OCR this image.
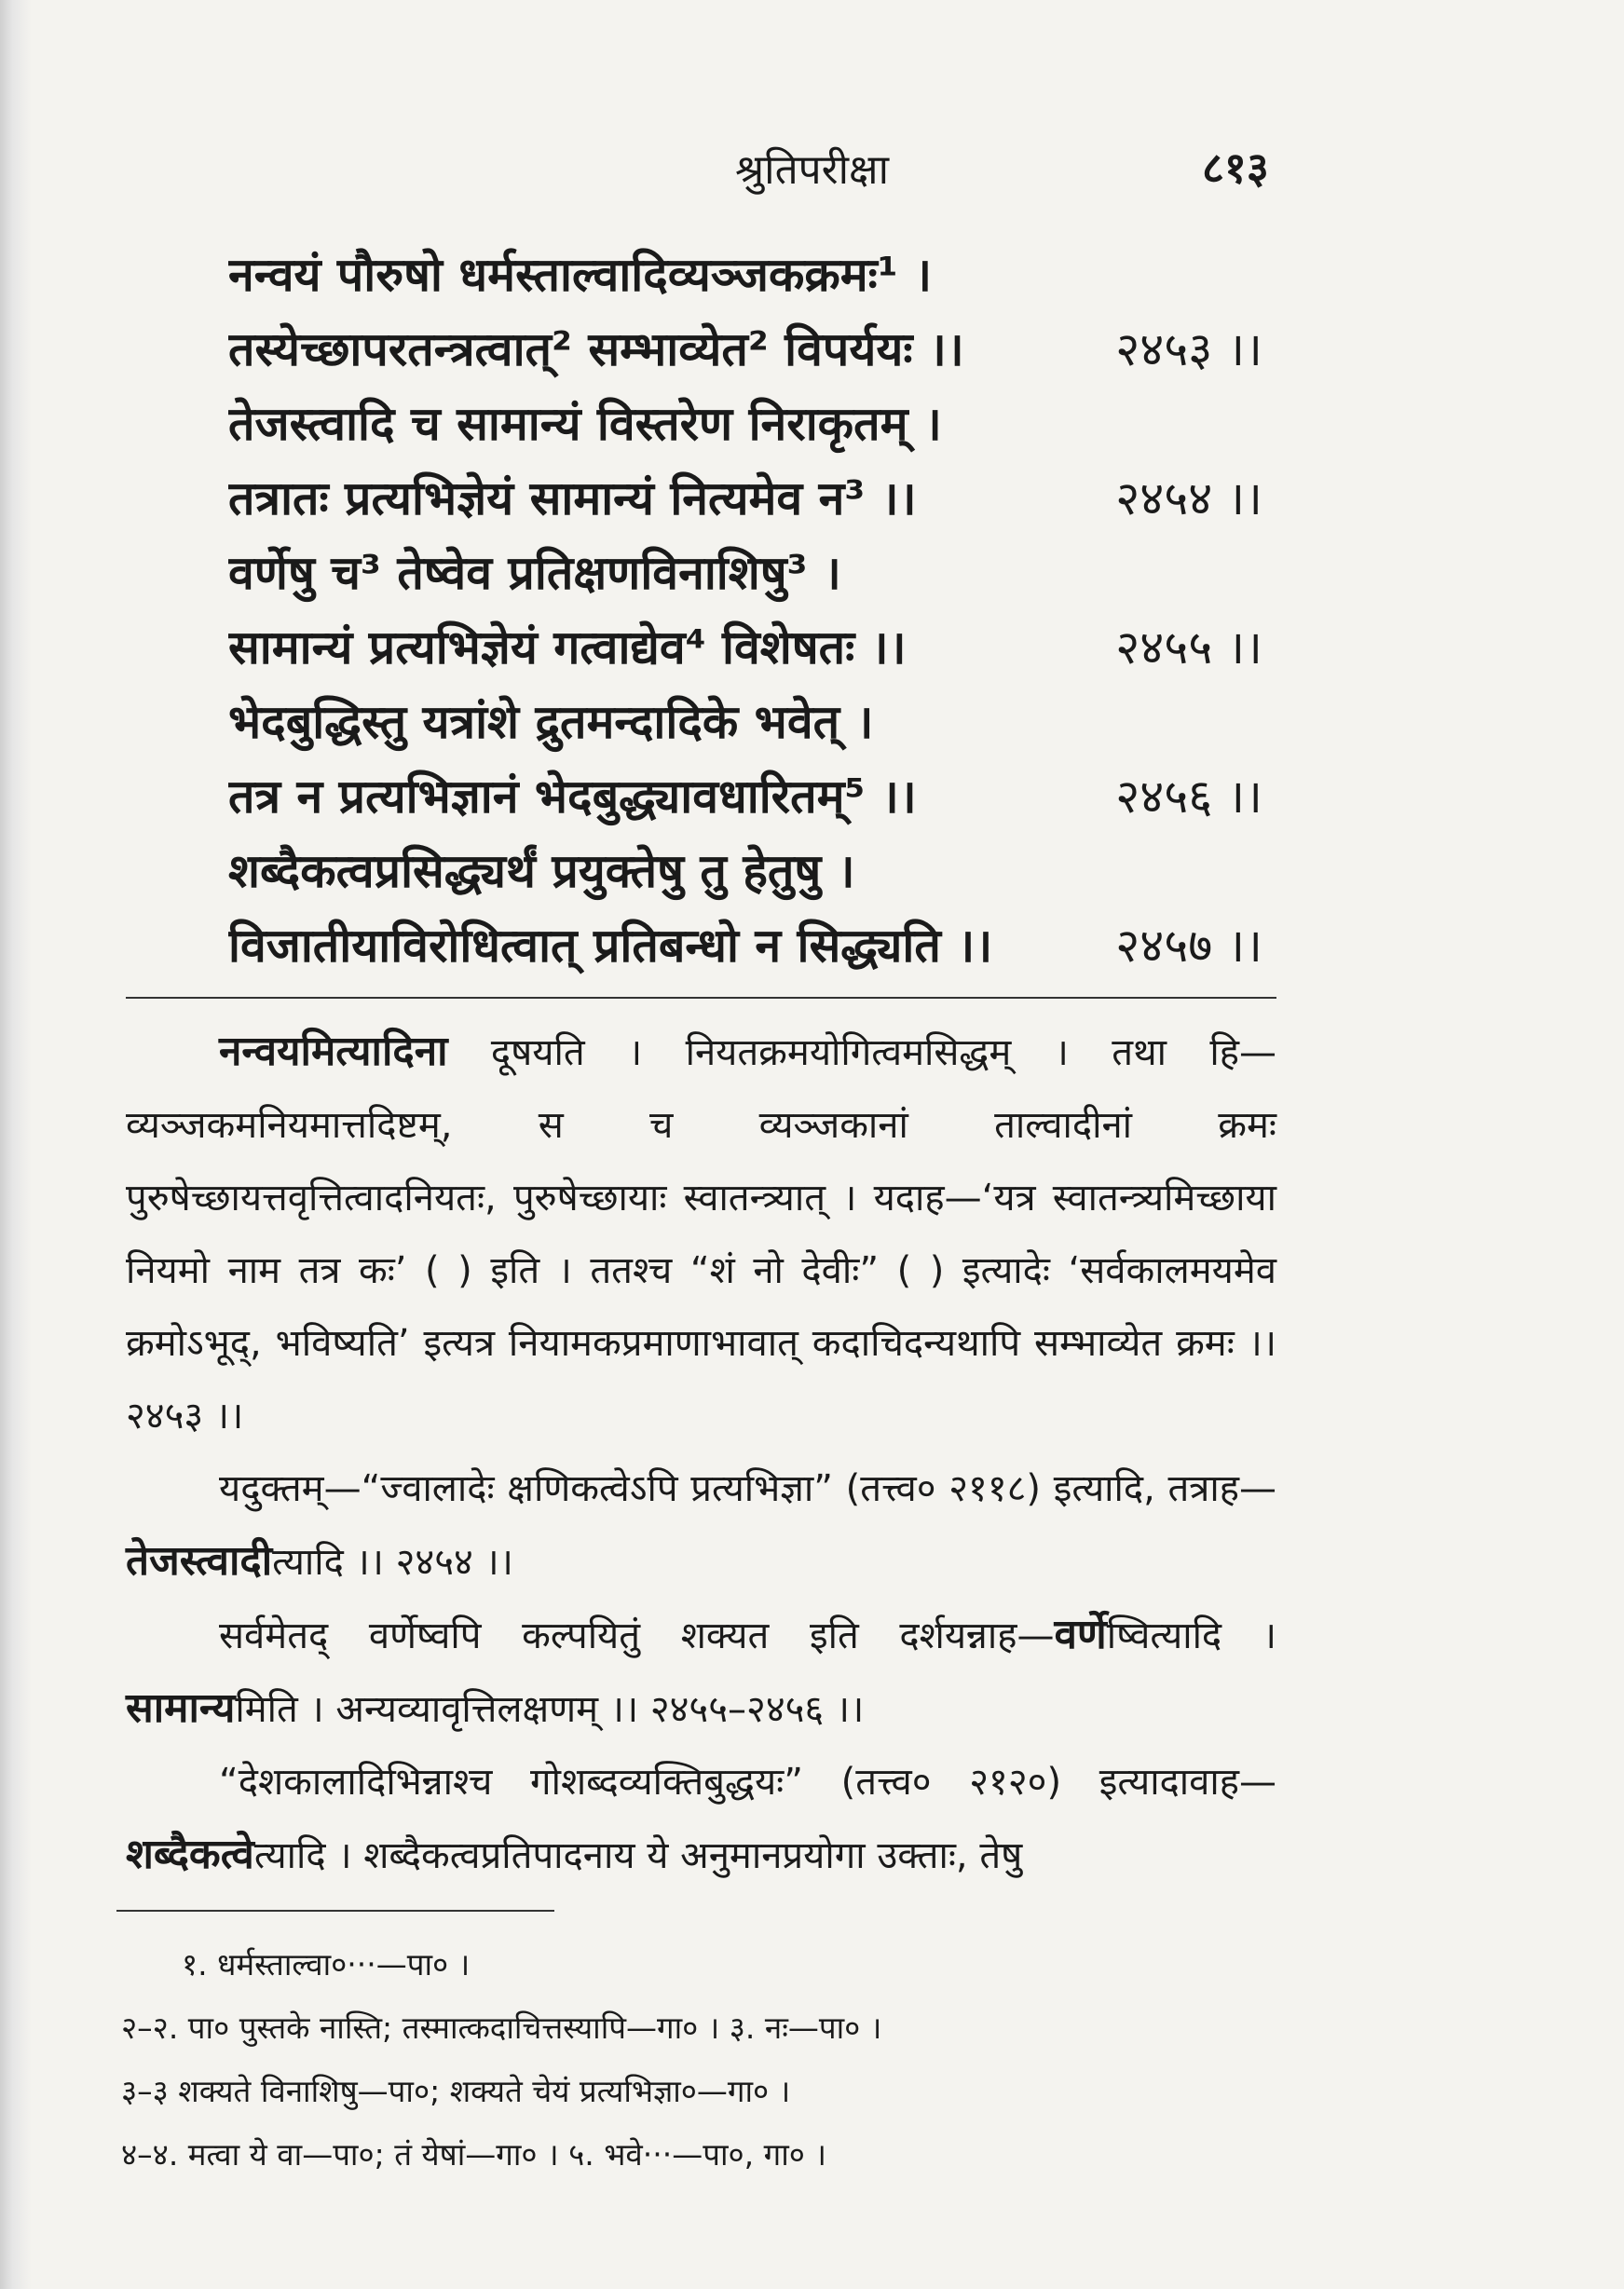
श्रुतिपरीक्षा	८१३
नन्वयं पौरुषो धर्मस्ताल्वादिव्यञ्जकक्रमः¹ ।
तस्येच्छापरतन्त्रत्वात्² सम्भाव्येत² विपर्ययः ।।	२४५३ ।।
तेजस्त्वादि च सामान्यं विस्तरेण निराकृतम् ।
तत्रातः प्रत्यभिज्ञेयं सामान्यं नित्यमेव न³ ।।	२४५४ ।।
वर्णेषु च³ तेष्वेव प्रतिक्षणविनाशिषु³ ।
सामान्यं प्रत्यभिज्ञेयं गत्वाद्येव⁴ विशेषतः ।।	२४५५ ।।
भेदबुद्धिस्तु यत्रांशे द्रुतमन्दादिके भवेत् ।
तत्र न प्रत्यभिज्ञानं भेदबुद्ध्यावधारितम्⁵ ।।	२४५६ ।।
शब्दैकत्वप्रसिद्ध्यर्थं प्रयुक्तेषु तु हेतुषु ।
विजातीयाविरोधित्वात् प्रतिबन्धो न सिद्ध्यति ।।	२४५७ ।।

नन्वयमित्यादिना दूषयति । नियतक्रमयोगित्वमसिद्धम् । तथा हि—व्यञ्जकमनियमात्तदिष्टम्, स च व्यञ्जकानां ताल्वादीनां क्रमः पुरुषेच्छायत्तवृत्तित्वादनियतः, पुरुषेच्छायाः स्वातन्त्र्यात् । यदाह—‘यत्र स्वातन्त्र्यमिच्छाया नियमो नाम तत्र कः’ ( ) इति । ततश्च “शं नो देवीः” ( ) इत्यादेः ‘सर्वकालमयमेव क्रमोऽभूद्, भविष्यति’ इत्यत्र नियामकप्रमाणाभावात् कदाचिदन्यथापि सम्भाव्येत क्रमः ।। २४५३ ।।

यदुक्तम्—“ज्वालादेः क्षणिकत्वेऽपि प्रत्यभिज्ञा” (तत्त्व० २११८) इत्यादि, तत्राह—तेजस्त्वादीत्यादि ।। २४५४ ।।

सर्वमेतद् वर्णेष्वपि कल्पयितुं शक्यत इति दर्शयन्नाह—वर्णेष्वित्यादि । सामान्यमिति । अन्यव्यावृत्तिलक्षणम् ।। २४५५–२४५६ ।।

“देशकालादिभिन्नाश्च गोशब्दव्यक्तिबुद्धयः” (तत्त्व० २१२०) इत्यादावाह—शब्दैकत्वेत्यादि । शब्दैकत्वप्रतिपादनाय ये अनुमानप्रयोगा उक्ताः, तेषु

१. धर्मस्ताल्वा०···—पा० ।

२–२. पा० पुस्तके नास्ति; तस्मात्कदाचित्तस्यापि—गा० । ३. नः—पा० ।

३–३ शक्यते विनाशिषु—पा०; शक्यते चेयं प्रत्यभिज्ञा०—गा० ।

४–४. मत्वा ये वा—पा०; तं येषां—गा० । ५. भवे···—पा०, गा० ।
